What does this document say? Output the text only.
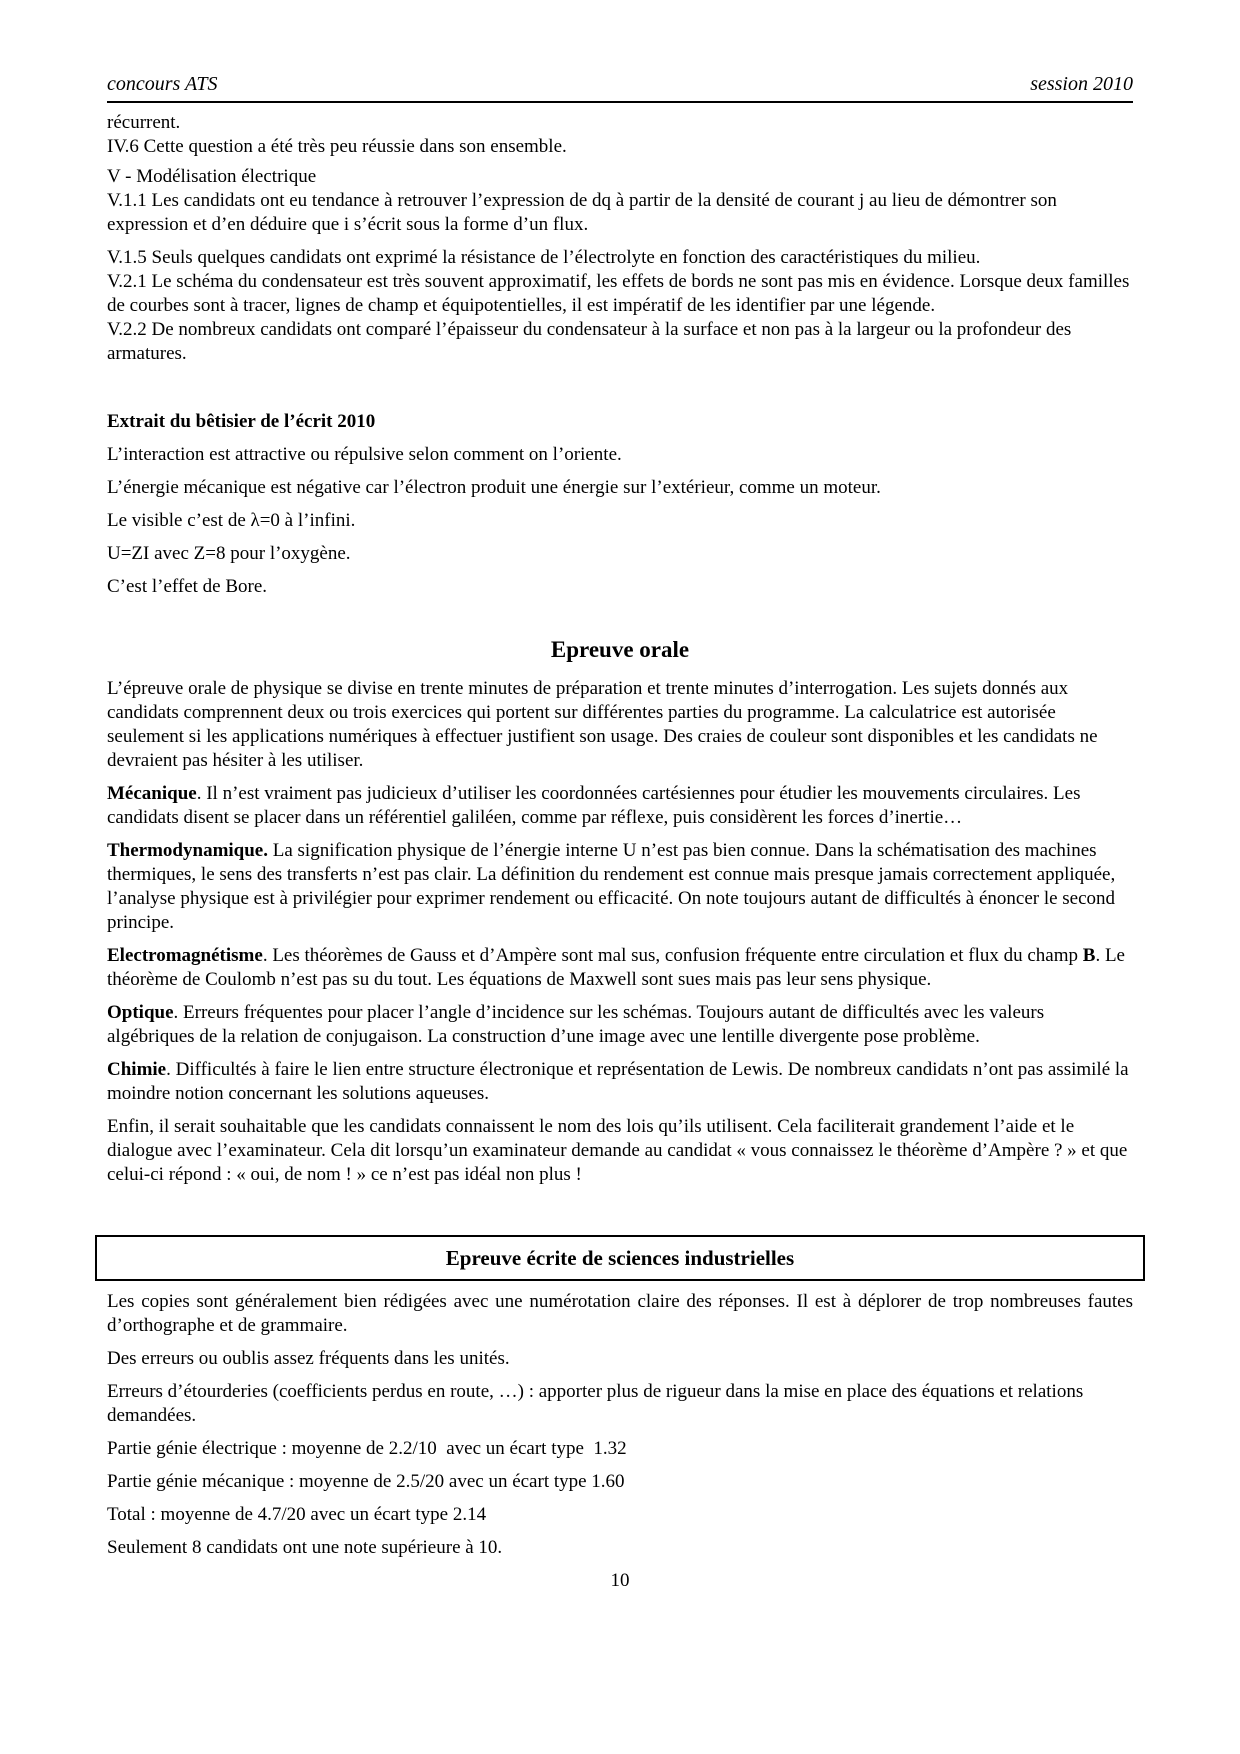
concours ATS	session 2010
récurrent.
IV.6 Cette question a été très peu réussie dans son ensemble.
V - Modélisation électrique
V.1.1 Les candidats ont eu tendance à retrouver l’expression de dq à partir de la densité de courant j au lieu de démontrer son expression et d’en déduire que i s’écrit sous la forme d’un flux.
V.1.5 Seuls quelques candidats ont exprimé la résistance de l’électrolyte en fonction des caractéristiques du milieu.
V.2.1 Le schéma du condensateur est très souvent approximatif, les effets de bords ne sont pas mis en évidence. Lorsque deux familles de courbes sont à tracer, lignes de champ et équipotentielles, il est impératif de les identifier par une légende.
V.2.2 De nombreux candidats ont comparé l’épaisseur du condensateur à la surface et non pas à la largeur ou la profondeur des armatures.
Extrait du bêtisier de l’écrit 2010

L’interaction est attractive ou répulsive selon comment on l’oriente.

L’énergie mécanique est négative car l’électron produit une énergie sur l’extérieur, comme un moteur.

Le visible c’est de λ=0 à l’infini.

U=ZI avec Z=8 pour l’oxygène.

C’est l’effet de Bore.

Epreuve orale

L’épreuve orale de physique se divise en trente minutes de préparation et trente minutes d’interrogation. Les sujets donnés aux candidats comprennent deux ou trois exercices qui portent sur différentes parties du programme. La calculatrice est autorisée seulement si les applications numériques à effectuer justifient son usage. Des craies de couleur sont disponibles et les candidats ne devraient pas hésiter à les utiliser.

Mécanique. Il n’est vraiment pas judicieux d’utiliser les coordonnées cartésiennes pour étudier les mouvements circulaires. Les candidats disent se placer dans un référentiel galiléen, comme par réflexe, puis considèrent les forces d’inertie…

Thermodynamique. La signification physique de l’énergie interne U n’est pas bien connue. Dans la schématisation des machines thermiques, le sens des transferts n’est pas clair. La définition du rendement est connue mais presque jamais correctement appliquée, l’analyse physique est à privilégier pour exprimer rendement ou efficacité. On note toujours autant de difficultés à énoncer le second principe.

Electromagnétisme. Les théorèmes de Gauss et d’Ampère sont mal sus, confusion fréquente entre circulation et flux du champ B. Le théorème de Coulomb n’est pas su du tout. Les équations de Maxwell sont sues mais pas leur sens physique.

Optique. Erreurs fréquentes pour placer l’angle d’incidence sur les schémas. Toujours autant de difficultés avec les valeurs algébriques de la relation de conjugaison. La construction d’une image avec une lentille divergente pose problème.

Chimie. Difficultés à faire le lien entre structure électronique et représentation de Lewis. De nombreux candidats n’ont pas assimilé la moindre notion concernant les solutions aqueuses.

Enfin, il serait souhaitable que les candidats connaissent le nom des lois qu’ils utilisent. Cela faciliterait grandement l’aide et le dialogue avec l’examinateur. Cela dit lorsqu’un examinateur demande au candidat « vous connaissez le théorème d’Ampère ? » et que celui-ci répond : « oui, de nom ! » ce n’est pas idéal non plus !

Epreuve écrite de sciences industrielles

Les copies sont généralement bien rédigées avec une numérotation claire des réponses. Il est à déplorer de trop nombreuses fautes d’orthographe et de grammaire.

Des erreurs ou oublis assez fréquents dans les unités.

Erreurs d’étourderies (coefficients perdus en route, …) : apporter plus de rigueur dans la mise en place des équations et relations demandées.

Partie génie électrique : moyenne de 2.2/10  avec un écart type  1.32

Partie génie mécanique : moyenne de 2.5/20 avec un écart type 1.60

Total : moyenne de 4.7/20 avec un écart type 2.14

Seulement 8 candidats ont une note supérieure à 10.

10
